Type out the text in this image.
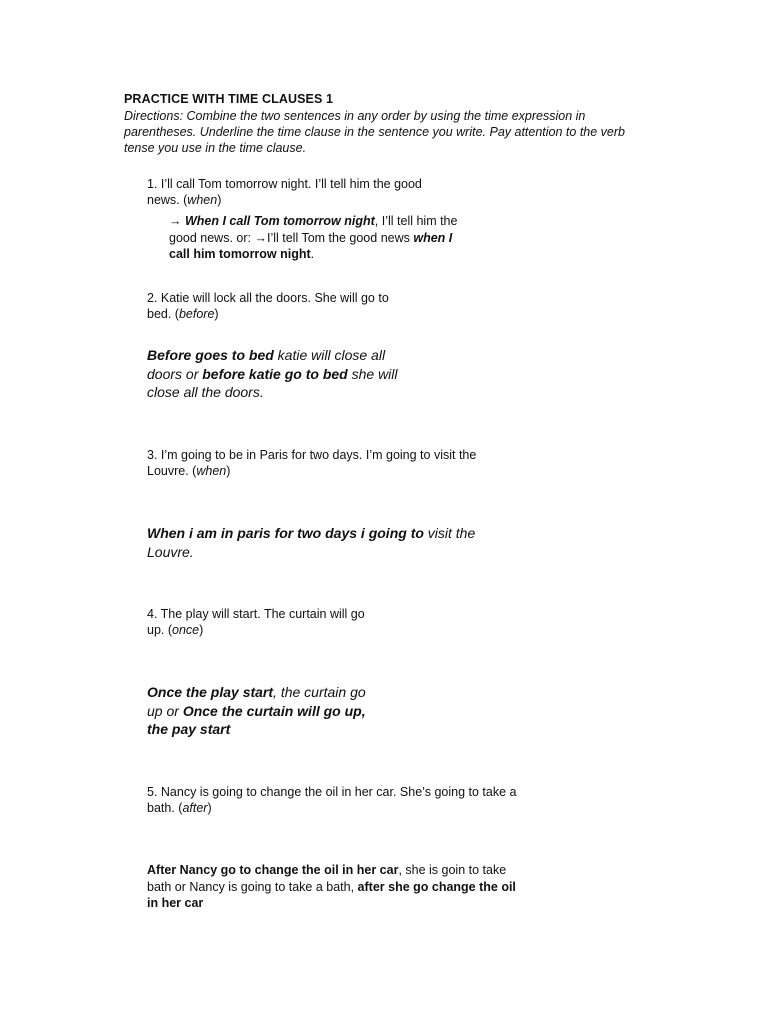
PRACTICE WITH TIME CLAUSES 1
Directions: Combine the two sentences in any order by using the time expression in parentheses. Underline the time clause in the sentence you write. Pay attention to the verb tense you use in the time clause.
1. I’ll call Tom tomorrow night. I’ll tell him the good
news. (when)
→ When I call Tom tomorrow night, I’ll tell him the
good news. or: →I’ll tell Tom the good news when I
call him tomorrow night.
2. Katie will lock all the doors. She will go to
bed. (before)
Before goes to bed katie will close all
doors or before katie go to bed she will
close all the doors.
3. I’m going to be in Paris for two days. I’m going to visit the
Louvre. (when)
When i am in paris for two days i going to visit the
Louvre.
4. The play will start. The curtain will go
up. (once)
Once the play start, the curtain go
up or Once the curtain will go up,
the pay start
5. Nancy is going to change the oil in her car. She’s going to take a
bath. (after)
After Nancy go to change the oil in her car, she is goin to take
bath or Nancy is going to take a bath, after she go change the oil
in her car
